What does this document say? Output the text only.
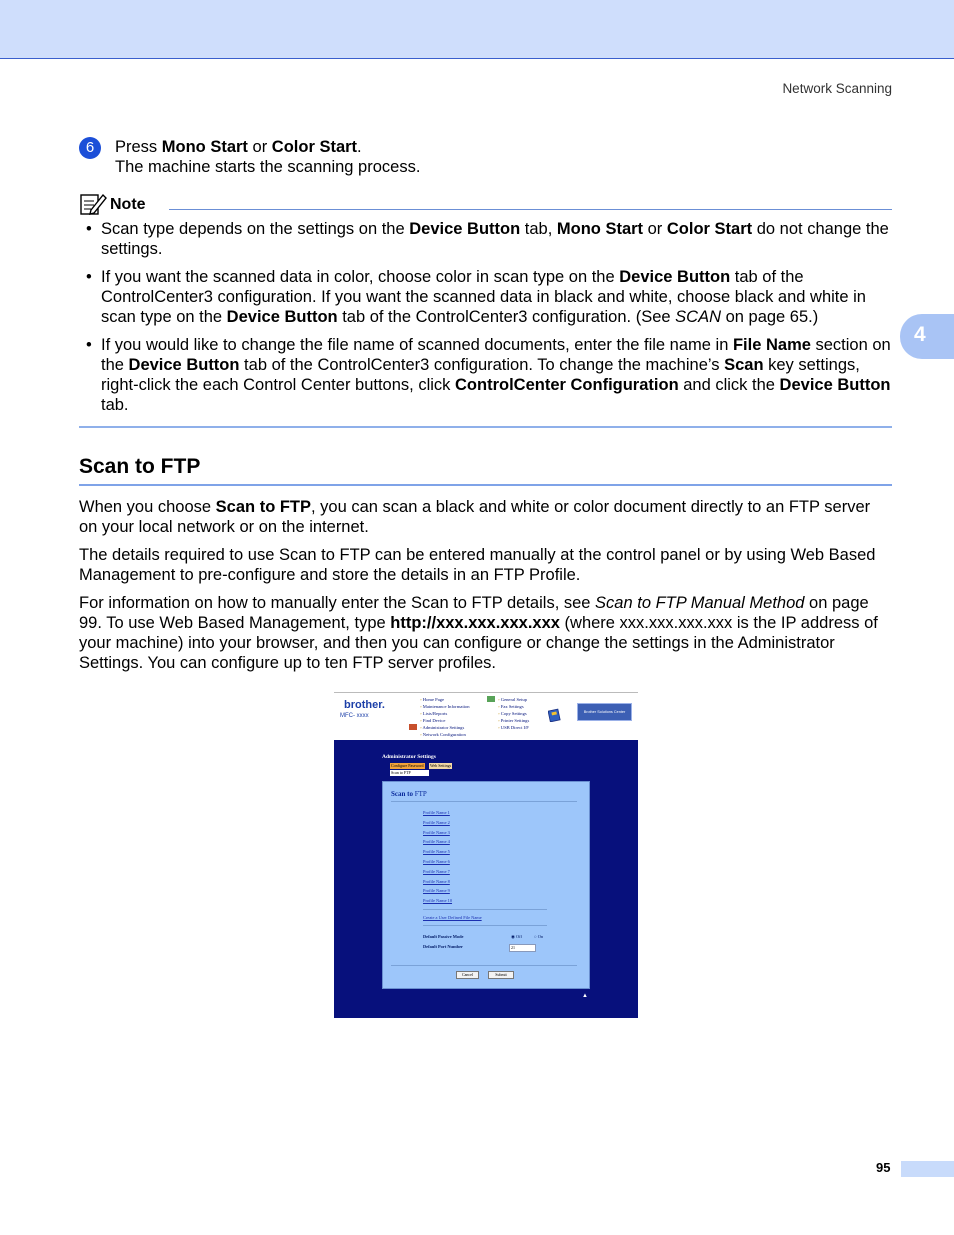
Network Scanning
4
6	Press Mono Start or Color Start.
The machine starts the scanning process.
Note
• Scan type depends on the settings on the Device Button tab, Mono Start or Color Start do not change the settings.
• If you want the scanned data in color, choose color in scan type on the Device Button tab of the ControlCenter3 configuration. If you want the scanned data in black and white, choose black and white in scan type on the Device Button tab of the ControlCenter3 configuration. (See SCAN on page 65.)
• If you would like to change the file name of scanned documents, enter the file name in File Name section on the Device Button tab of the ControlCenter3 configuration. To change the machine’s Scan key settings, right-click the each Control Center buttons, click ControlCenter Configuration and click the Device Button tab.
Scan to FTP

When you choose Scan to FTP, you can scan a black and white or color document directly to an FTP server on your local network or on the internet.

The details required to use Scan to FTP can be entered manually at the control panel or by using Web Based Management to pre-configure and store the details in an FTP Profile.

For information on how to manually enter the Scan to FTP details, see Scan to FTP Manual Method on page 99. To use Web Based Management, type http://xxx.xxx.xxx.xxx (where xxx.xxx.xxx.xxx is the IP address of your machine) into your browser, and then you can configure or change the settings in the Administrator Settings. You can configure up to ten FTP server profiles.

brother.
MFC- xxxx
▫ Home Page
▫ Maintenance Information
▫ Lists/Reports
▫ Find Device
▫ Administrator Settings
▫ Network Configuration
▫ General Setup
▫ Fax Settings
▫ Copy Settings
▫ Printer Settings
▫ USB Direct I/F
Brother Solutions Center
Administrator Settings
Configure Password Web Settings
Scan to FTP
Scan to FTP
Profile Name 1
Profile Name 2
Profile Name 3
Profile Name 4
Profile Name 5
Profile Name 6
Profile Name 7
Profile Name 8
Profile Name 9
Profile Name 10
Create a User Defined File Name
Default Passive Mode	◉ Off	○ On
Default Port Number	21
Cancel	Submit
▲
95
